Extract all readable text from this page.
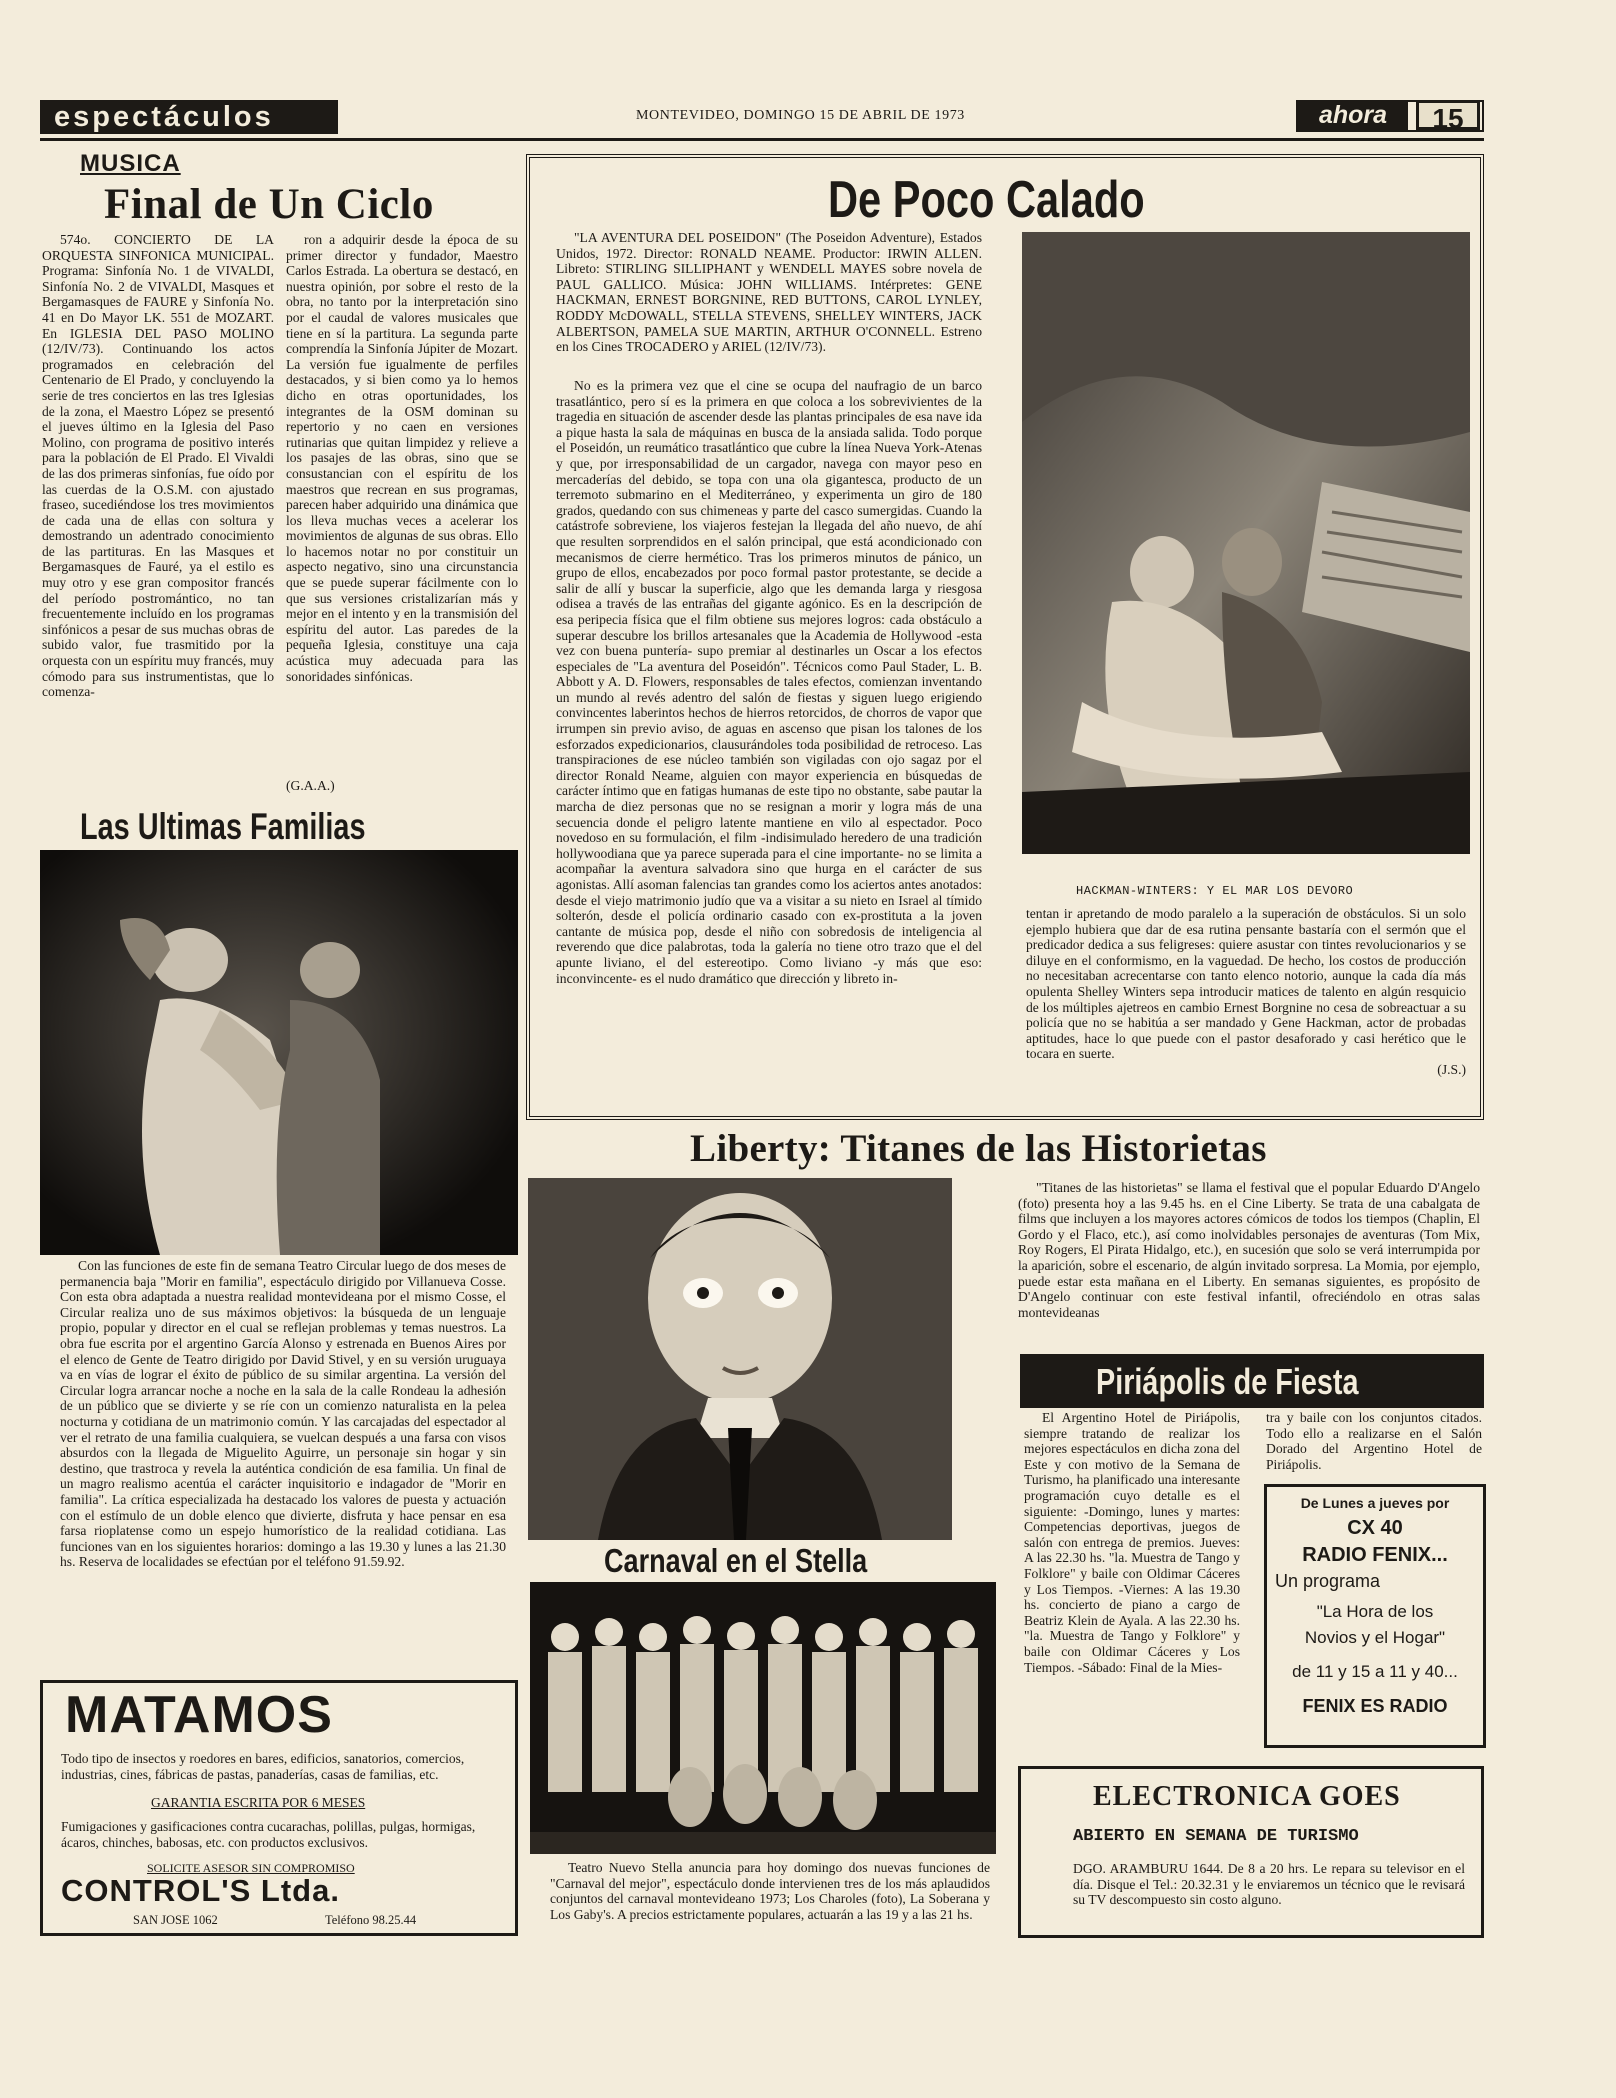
espectáculos	MONTEVIDEO, DOMINGO 15 DE ABRIL DE 1973	ahora	15
MUSICA
Final de Un Ciclo

574o. CONCIERTO DE LA ORQUESTA SINFONICA MUNICIPAL. Programa: Sinfonía No. 1 de VIVALDI, Sinfonía No. 2 de VIVALDI, Masques et Bergamasques de FAURE y Sinfonía No. 41 en Do Mayor LK. 551 de MOZART. En IGLESIA DEL PASO MOLINO (12/IV/73). Continuando los actos programados en celebración del Centenario de El Prado, y concluyendo la serie de tres conciertos en las tres Iglesias de la zona, el Maestro López se presentó el jueves último en la Iglesia del Paso Molino, con programa de positivo interés para la población de El Prado. El Vivaldi de las dos primeras sinfonías, fue oído por las cuerdas de la O.S.M. con ajustado fraseo, sucediéndose los tres movimientos de cada una de ellas con soltura y demostrando un adentrado conocimiento de las partituras. En las Masques et Bergamasques de Fauré, ya el estilo es muy otro y ese gran compositor francés del período postromántico, no tan frecuentemente incluído en los programas sinfónicos a pesar de sus muchas obras de subido valor, fue trasmitido por la orquesta con un espíritu muy francés, muy cómodo para sus instrumentistas, que lo comenza-

ron a adquirir desde la época de su primer director y fundador, Maestro Carlos Estrada. La obertura se destacó, en nuestra opinión, por sobre el resto de la obra, no tanto por la interpretación sino por el caudal de valores musicales que tiene en sí la partitura. La segunda parte comprendía la Sinfonía Júpiter de Mozart. La versión fue igualmente de perfiles destacados, y si bien como ya lo hemos dicho en otras oportunidades, los integrantes de la OSM dominan su repertorio y no caen en versiones rutinarias que quitan limpidez y relieve a los pasajes de las obras, sino que se consustancian con el espíritu de los maestros que recrean en sus programas, parecen haber adquirido una dinámica que los lleva muchas veces a acelerar los movimientos de algunas de sus obras. Ello lo hacemos notar no por constituir un aspecto negativo, sino una circunstancia que se puede superar fácilmente con lo que sus versiones cristalizarían más y mejor en el intento y en la transmisión del espíritu del autor. Las paredes de la pequeña Iglesia, constituye una caja acústica muy adecuada para las sonoridades sinfónicas.

(G.A.A.)
Las Ultimas Familias

Con las funciones de este fin de semana Teatro Circular luego de dos meses de permanencia baja "Morir en familia", espectáculo dirigido por Villanueva Cosse. Con esta obra adaptada a nuestra realidad montevideana por el mismo Cosse, el Circular realiza uno de sus máximos objetivos: la búsqueda de un lenguaje propio, popular y director en el cual se reflejan problemas y temas nuestros. La obra fue escrita por el argentino García Alonso y estrenada en Buenos Aires por el elenco de Gente de Teatro dirigido por David Stivel, y en su versión uruguaya va en vías de lograr el éxito de público de su similar argentina. La versión del Circular logra arrancar noche a noche en la sala de la calle Rondeau la adhesión de un público que se divierte y se ríe con un comienzo naturalista en la pelea nocturna y cotidiana de un matrimonio común. Y las carcajadas del espectador al ver el retrato de una familia cualquiera, se vuelcan después a una farsa con visos absurdos con la llegada de Miguelito Aguirre, un personaje sin hogar y sin destino, que trastroca y revela la auténtica condición de esa familia. Un final de un magro realismo acentúa el carácter inquisitorio e indagador de "Morir en familia". La crítica especializada ha destacado los valores de puesta y actuación con el estímulo de un doble elenco que divierte, disfruta y hace pensar en esa farsa rioplatense como un espejo humorístico de la realidad cotidiana. Las funciones van en los siguientes horarios: domingo a las 19.30 y lunes a las 21.30 hs. Reserva de localidades se efectúan por el teléfono 91.59.92.

MATAMOS
Todo tipo de insectos y roedores en bares, edificios, sanatorios, comercios, industrias, cines, fábricas de pastas, panaderías, casas de familias, etc.
GARANTIA ESCRITA POR 6 MESES
Fumigaciones y gasificaciones contra cucarachas, polillas, pulgas, hormigas, ácaros, chinches, babosas, etc. con productos exclusivos.
SOLICITE ASESOR SIN COMPROMISO
CONTROL'S Ltda.
SAN JOSE 1062	Teléfono 98.25.44
De Poco Calado

"LA AVENTURA DEL POSEIDON" (The Poseidon Adventure), Estados Unidos, 1972. Director: RONALD NEAME. Productor: IRWIN ALLEN. Libreto: STIRLING SILLIPHANT y WENDELL MAYES sobre novela de PAUL GALLICO. Música: JOHN WILLIAMS. Intérpretes: GENE HACKMAN, ERNEST BORGNINE, RED BUTTONS, CAROL LYNLEY, RODDY McDOWALL, STELLA STEVENS, SHELLEY WINTERS, JACK ALBERTSON, PAMELA SUE MARTIN, ARTHUR O'CONNELL. Estreno en los Cines TROCADERO y ARIEL (12/IV/73).

No es la primera vez que el cine se ocupa del naufragio de un barco trasatlántico, pero sí es la primera en que coloca a los sobrevivientes de la tragedia en situación de ascender desde las plantas principales de esa nave ida a pique hasta la sala de máquinas en busca de la ansiada salida. Todo porque el Poseidón, un reumático trasatlántico que cubre la línea Nueva York-Atenas y que, por irresponsabilidad de un cargador, navega con mayor peso en mercaderías del debido, se topa con una ola gigantesca, producto de un terremoto submarino en el Mediterráneo, y experimenta un giro de 180 grados, quedando con sus chimeneas y parte del casco sumergidas. Cuando la catástrofe sobreviene, los viajeros festejan la llegada del año nuevo, de ahí que resulten sorprendidos en el salón principal, que está acondicionado con mecanismos de cierre hermético. Tras los primeros minutos de pánico, un grupo de ellos, encabezados por poco formal pastor protestante, se decide a salir de allí y buscar la superficie, algo que les demanda larga y riesgosa odisea a través de las entrañas del gigante agónico. Es en la descripción de esa peripecia física que el film obtiene sus mejores logros: cada obstáculo a superar descubre los brillos artesanales que la Academia de Hollywood -esta vez con buena puntería- supo premiar al destinarles un Oscar a los efectos especiales de "La aventura del Poseidón". Técnicos como Paul Stader, L. B. Abbott y A. D. Flowers, responsables de tales efectos, comienzan inventando un mundo al revés adentro del salón de fiestas y siguen luego erigiendo convincentes laberintos hechos de hierros retorcidos, de chorros de vapor que irrumpen sin previo aviso, de aguas en ascenso que pisan los talones de los esforzados expedicionarios, clausurándoles toda posibilidad de retroceso. Las transpiraciones de ese núcleo también son vigiladas con ojo sagaz por el director Ronald Neame, alguien con mayor experiencia en búsquedas de carácter íntimo que en fatigas humanas de este tipo no obstante, sabe pautar la marcha de diez personas que no se resignan a morir y logra más de una secuencia donde el peligro latente mantiene en vilo al espectador. Poco novedoso en su formulación, el film -indisimulado heredero de una tradición hollywoodiana que ya parece superada para el cine importante- no se limita a acompañar la aventura salvadora sino que hurga en el carácter de sus agonistas. Allí asoman falencias tan grandes como los aciertos antes anotados: desde el viejo matrimonio judío que va a visitar a su nieto en Israel al tímido solterón, desde el policía ordinario casado con ex-prostituta a la joven cantante de música pop, desde el niño con sobredosis de inteligencia al reverendo que dice palabrotas, toda la galería no tiene otro trazo que el del apunte liviano, el del estereotipo. Como liviano -y más que eso: inconvincente- es el nudo dramático que dirección y libreto in-

HACKMAN-WINTERS: Y EL MAR LOS DEVORO

tentan ir apretando de modo paralelo a la superación de obstáculos. Si un solo ejemplo hubiera que dar de esa rutina pensante bastaría con el sermón que el predicador dedica a sus feligreses: quiere asustar con tintes revolucionarios y se diluye en el conformismo, en la vaguedad. De hecho, los costos de producción no necesitaban acrecentarse con tanto elenco notorio, aunque la cada día más opulenta Shelley Winters sepa introducir matices de talento en algún resquicio de los múltiples ajetreos en cambio Ernest Borgnine no cesa de sobreactuar a su policía que no se habitúa a ser mandado y Gene Hackman, actor de probadas aptitudes, hace lo que puede con el pastor desaforado y casi herético que le tocara en suerte.

(J.S.)
Liberty: Titanes de las Historietas

"Titanes de las historietas" se llama el festival que el popular Eduardo D'Angelo (foto) presenta hoy a las 9.45 hs. en el Cine Liberty. Se trata de una cabalgata de films que incluyen a los mayores actores cómicos de todos los tiempos (Chaplin, El Gordo y el Flaco, etc.), así como inolvidables personajes de aventuras (Tom Mix, Roy Rogers, El Pirata Hidalgo, etc.), en sucesión que solo se verá interrumpida por la aparición, sobre el escenario, de algún invitado sorpresa. La Momia, por ejemplo, puede estar esta mañana en el Liberty. En semanas siguientes, es propósito de D'Angelo continuar con este festival infantil, ofreciéndolo en otras salas montevideanas

Piriápolis de Fiesta

El Argentino Hotel de Piriápolis, siempre tratando de realizar los mejores espectáculos en dicha zona del Este y con motivo de la Semana de Turismo, ha planificado una interesante programación cuyo detalle es el siguiente: -Domingo, lunes y martes: Competencias deportivas, juegos de salón con entrega de premios. Jueves: A las 22.30 hs. "la. Muestra de Tango y Folklore" y baile con Oldimar Cáceres y Los Tiempos. -Viernes: A las 19.30 hs. concierto de piano a cargo de Beatriz Klein de Ayala. A las 22.30 hs. "la. Muestra de Tango y Folklore" y baile con Oldimar Cáceres y Los Tiempos. -Sábado: Final de la Mies-

tra y baile con los conjuntos citados. Todo ello a realizarse en el Salón Dorado del Argentino Hotel de Piriápolis.

De Lunes a jueves por
CX 40
RADIO FENIX...
Un programa
"La Hora de los
Novios y el Hogar"
de 11 y 15 a 11 y 40...
FENIX ES RADIO
Carnaval en el Stella

Teatro Nuevo Stella anuncia para hoy domingo dos nuevas funciones de "Carnaval del mejor", espectáculo donde intervienen tres de los más aplaudidos conjuntos del carnaval montevideano 1973; Los Charoles (foto), La Soberana y Los Gaby's. A precios estrictamente populares, actuarán a las 19 y a las 21 hs.

ELECTRONICA GOES
ABIERTO EN SEMANA DE TURISMO
DGO. ARAMBURU 1644. De 8 a 20 hrs. Le repara su televisor en el día. Disque el Tel.: 20.32.31 y le enviaremos un técnico que le revisará su TV descompuesto sin costo alguno.
